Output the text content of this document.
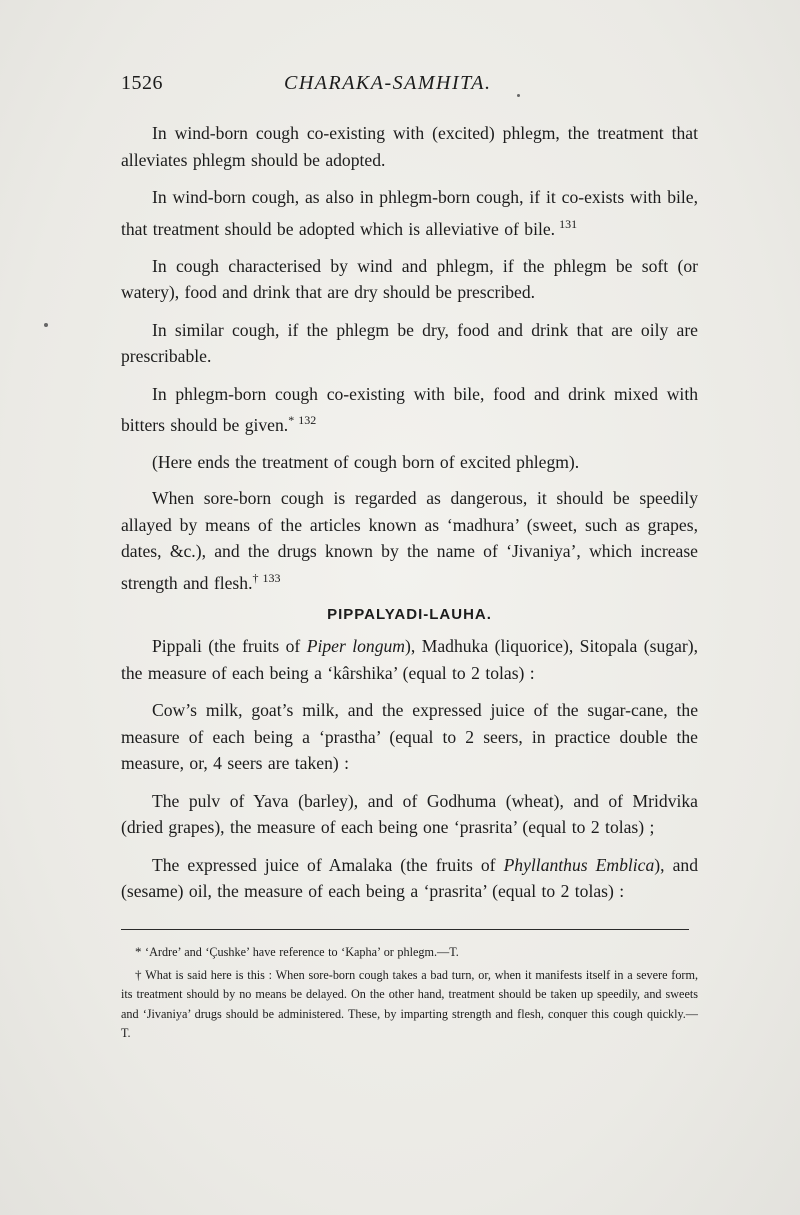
1526	CHARAKA-SAMHITA.

In wind-born cough co-existing with (excited) phlegm, the treatment that alleviates phlegm should be adopted.

In wind-born cough, as also in phlegm-born cough, if it co-exists with bile, that treatment should be adopted which is alleviative of bile. $^{131}$

In cough characterised by wind and phlegm, if the phlegm be soft (or watery), food and drink that are dry should be prescribed.

In similar cough, if the phlegm be dry, food and drink that are oily are prescribable.

In phlegm-born cough co-existing with bile, food and drink mixed with bitters should be given.* $^{132}$

(Here ends the treatment of cough born of excited phlegm).

When sore-born cough is regarded as dangerous, it should be speedily allayed by means of the articles known as ‘madhura’ (sweet, such as grapes, dates, &c.), and the drugs known by the name of ‘Jivaniya’, which increase strength and flesh.† $^{133}$

PIPPALYADI-LAUHA.

Pippali (the fruits of Piper longum), Madhuka (liquorice), Sitopala (sugar), the measure of each being a ‘kârshika’ (equal to 2 tolas) :

Cow’s milk, goat’s milk, and the expressed juice of the sugar-cane, the measure of each being a ‘prastha’ (equal to 2 seers, in practice double the measure, or, 4 seers are taken) :

The pulv of Yava (barley), and of Godhuma (wheat), and of Mridvika (dried grapes), the measure of each being one ‘prasrita’ (equal to 2 tolas) ;

The expressed juice of Amalaka (the fruits of Phyllanthus Emblica), and (sesame) oil, the measure of each being a ‘prasrita’ (equal to 2 tolas) :

* ‘Ardre’ and ‘Çushke’ have reference to ‘Kapha’ or phlegm.—T.

† What is said here is this : When sore-born cough takes a bad turn, or, when it manifests itself in a severe form, its treatment should by no means be delayed. On the other hand, treatment should be taken up speedily, and sweets and ‘Jivaniya’ drugs should be administered. These, by imparting strength and flesh, conquer this cough quickly.—T.
